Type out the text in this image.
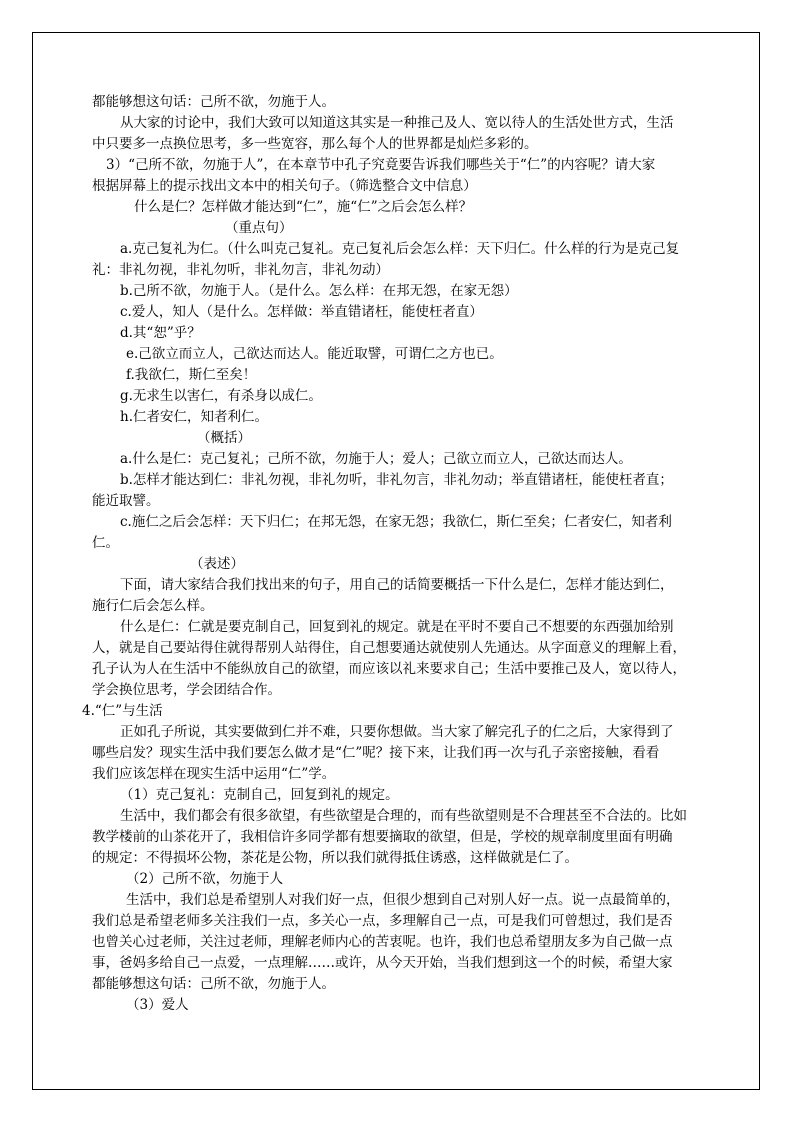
都能够想这句话：己所不欲，勿施于人。
从大家的讨论中，我们大致可以知道这其实是一种推己及人、宽以待人的生活处世方式，生活
中只要多一点换位思考，多一些宽容，那么每个人的世界都是灿烂多彩的。
3）“己所不欲，勿施于人”，在本章节中孔子究竟要告诉我们哪些关于“仁”的内容呢？请大家
根据屏幕上的提示找出文本中的相关句子。（筛选整合文中信息）
什么是仁？怎样做才能达到“仁”，施“仁”之后会怎么样？
（重点句）
a.克己复礼为仁。（什么叫克己复礼。克己复礼后会怎么样：天下归仁。什么样的行为是克己复
礼：非礼勿视，非礼勿听，非礼勿言，非礼勿动）
b.己所不欲，勿施于人。（是什么。怎么样：在邦无怨，在家无怨）
c.爱人，知人（是什么。怎样做：举直错诸枉，能使枉者直）
d.其“恕”乎？
e.己欲立而立人，己欲达而达人。能近取譬，可谓仁之方也已。
f.我欲仁，斯仁至矣！
g.无求生以害仁，有杀身以成仁。
h.仁者安仁，知者利仁。
（概括）
a.什么是仁：克己复礼；己所不欲，勿施于人；爱人；己欲立而立人，己欲达而达人。
b.怎样才能达到仁：非礼勿视，非礼勿听，非礼勿言，非礼勿动；举直错诸枉，能使枉者直；
能近取譬。
c.施仁之后会怎样：天下归仁；在邦无怨，在家无怨；我欲仁，斯仁至矣；仁者安仁，知者利
仁。
（表述）
下面，请大家结合我们找出来的句子，用自己的话简要概括一下什么是仁，怎样才能达到仁，
施行仁后会怎么样。
什么是仁：仁就是要克制自己，回复到礼的规定。就是在平时不要自己不想要的东西强加给别
人，就是自己要站得住就得帮别人站得住，自己想要通达就使别人先通达。从字面意义的理解上看，
孔子认为人在生活中不能纵放自己的欲望，而应该以礼来要求自己；生活中要推己及人，宽以待人，
学会换位思考，学会团结合作。
4.“仁”与生活
正如孔子所说，其实要做到仁并不难，只要你想做。当大家了解完孔子的仁之后，大家得到了
哪些启发？现实生活中我们要怎么做才是“仁”呢？接下来，让我们再一次与孔子亲密接触，看看
我们应该怎样在现实生活中运用“仁”学。
（1）克己复礼：克制自己，回复到礼的规定。
生活中，我们都会有很多欲望，有些欲望是合理的，而有些欲望则是不合理甚至不合法的。比如
教学楼前的山茶花开了，我相信许多同学都有想要摘取的欲望，但是，学校的规章制度里面有明确
的规定：不得损坏公物，茶花是公物，所以我们就得抵住诱惑，这样做就是仁了。
（2）己所不欲，勿施于人
生活中，我们总是希望别人对我们好一点，但很少想到自己对别人好一点。说一点最简单的，
我们总是希望老师多关注我们一点，多关心一点，多理解自己一点，可是我们可曾想过，我们是否
也曾关心过老师，关注过老师，理解老师内心的苦衷呢。也许，我们也总希望朋友多为自己做一点
事，爸妈多给自己一点爱，一点理解……或许，从今天开始，当我们想到这一个的时候，希望大家
都能够想这句话：己所不欲，勿施于人。
（3）爱人
